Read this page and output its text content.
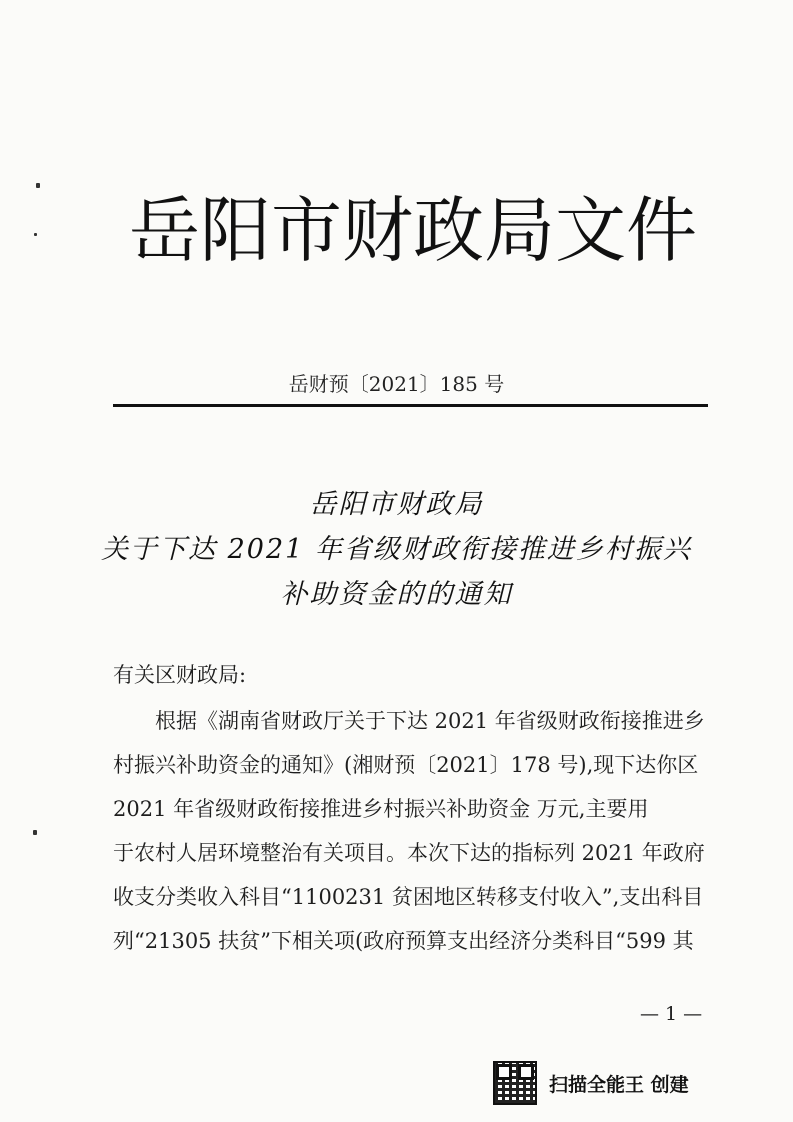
岳阳市财政局文件
岳财预〔2021〕185 号
岳阳市财政局
关于下达 2021 年省级财政衔接推进乡村振兴
补助资金的的通知
有关区财政局:
根据《湖南省财政厅关于下达 2021 年省级财政衔接推进乡
村振兴补助资金的通知》(湘财预〔2021〕178 号),现下达你区
2021 年省级财政衔接推进乡村振兴补助资金 万元,主要用
于农村人居环境整治有关项目。本次下达的指标列 2021 年政府
收支分类收入科目“1100231 贫困地区转移支付收入”,支出科目
列“21305 扶贫”下相关项(政府预算支出经济分类科目“599 其
— 1 —
扫描全能王 创建
